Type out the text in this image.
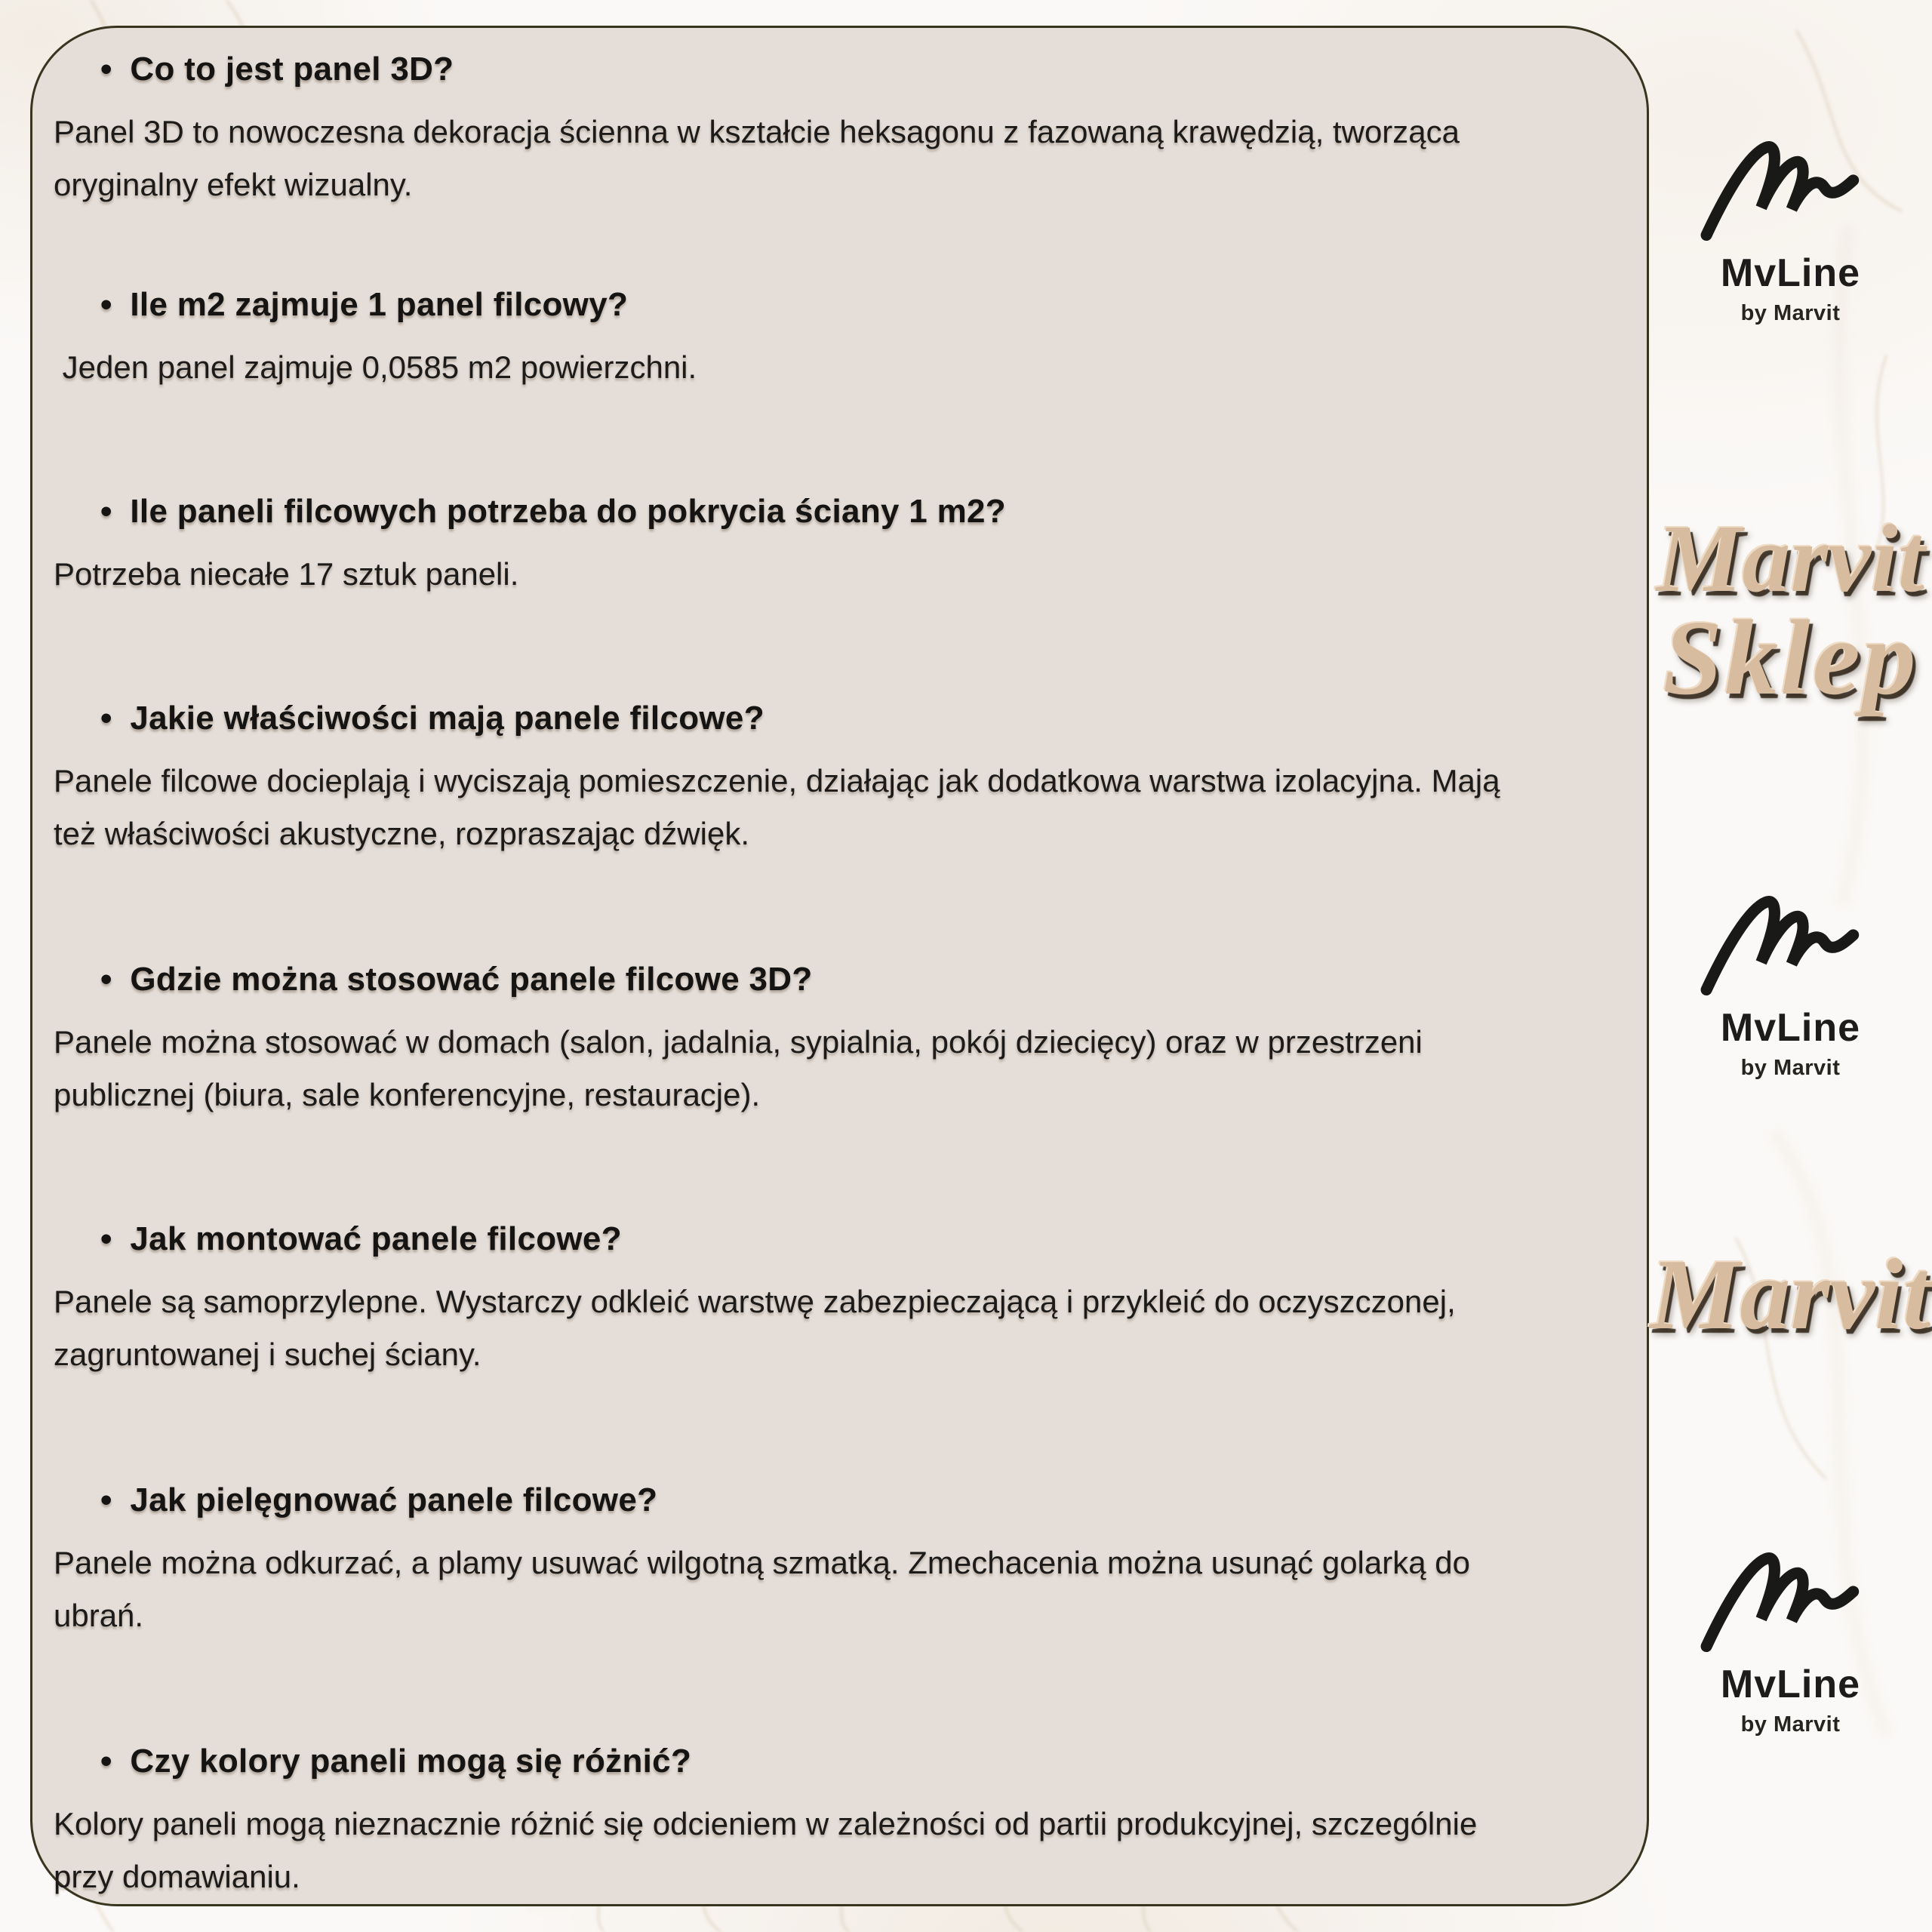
• Co to jest panel 3D?

Panel 3D to nowoczesna dekoracja ścienna w kształcie heksagonu z fazowaną krawędzią, tworząca oryginalny efekt wizualny.

• Ile m2 zajmuje 1 panel filcowy?

Jeden panel zajmuje 0,0585 m2 powierzchni.

• Ile paneli filcowych potrzeba do pokrycia ściany 1 m2?

Potrzeba niecałe 17 sztuk paneli.

• Jakie właściwości mają panele filcowe?

Panele filcowe docieplają i wyciszają pomieszczenie, działając jak dodatkowa warstwa izolacyjna. Mają też właściwości akustyczne, rozpraszając dźwięk.

• Gdzie można stosować panele filcowe 3D?

Panele można stosować w domach (salon, jadalnia, sypialnia, pokój dziecięcy) oraz w przestrzeni publicznej (biura, sale konferencyjne, restauracje).

• Jak montować panele filcowe?

Panele są samoprzylepne. Wystarczy odkleić warstwę zabezpieczającą i przykleić do oczyszczonej, zagruntowanej i suchej ściany.

• Jak pielęgnować panele filcowe?

Panele można odkurzać, a plamy usuwać wilgotną szmatką. Zmechacenia można usunąć golarką do ubrań.

• Czy kolory paneli mogą się różnić?

Kolory paneli mogą nieznacznie różnić się odcieniem w zależności od partii produkcyjnej, szczególnie przy domawianiu.

MvLine
by Marvit
Marvit
Sklep
MvLine
by Marvit
Marvit
MvLine
by Marvit
